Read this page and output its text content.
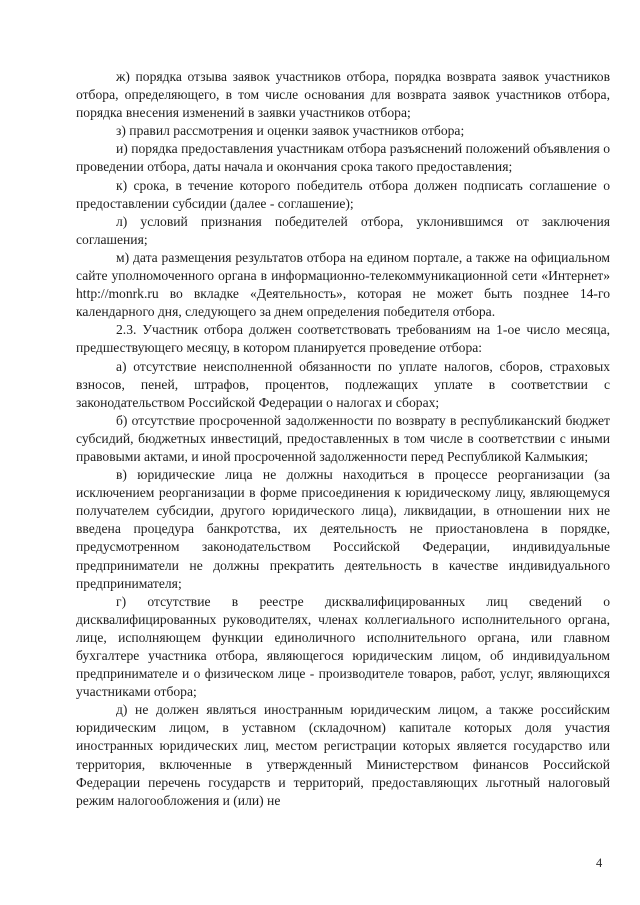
ж) порядка отзыва заявок участников отбора, порядка возврата заявок участников отбора, определяющего, в том числе основания для возврата заявок участников отбора, порядка внесения изменений в заявки участников отбора;

з) правил рассмотрения и оценки заявок участников отбора;

и) порядка предоставления участникам отбора разъяснений положений объявления о проведении отбора, даты начала и окончания срока такого предоставления;

к) срока, в течение которого победитель отбора должен подписать соглашение о предоставлении субсидии (далее - соглашение);

л) условий признания победителей отбора, уклонившимся от заключения соглашения;

м) дата размещения результатов отбора на едином портале, а также на официальном сайте уполномоченного органа в информационно-телекоммуникационной сети «Интернет» http://monrk.ru во вкладке «Деятельность», которая не может быть позднее 14-го календарного дня, следующего за днем определения победителя отбора.

2.3. Участник отбора должен соответствовать требованиям на 1-ое число месяца, предшествующего месяцу, в котором планируется проведение отбора:

а) отсутствие неисполненной обязанности по уплате налогов, сборов, страховых взносов, пеней, штрафов, процентов, подлежащих уплате в соответствии с законодательством Российской Федерации о налогах и сборах;

б) отсутствие просроченной задолженности по возврату в республиканский бюджет субсидий, бюджетных инвестиций, предоставленных в том числе в соответствии с иными правовыми актами, и иной просроченной задолженности перед Республикой Калмыкия;

в) юридические лица не должны находиться в процессе реорганизации (за исключением реорганизации в форме присоединения к юридическому лицу, являющемуся получателем субсидии, другого юридического лица), ликвидации, в отношении них не введена процедура банкротства, их деятельность не приостановлена в порядке, предусмотренном законодательством Российской Федерации, индивидуальные предприниматели не должны прекратить деятельность в качестве индивидуального предпринимателя;

г) отсутствие в реестре дисквалифицированных лиц сведений о дисквалифицированных руководителях, членах коллегиального исполнительного органа, лице, исполняющем функции единоличного исполнительного органа, или главном бухгалтере участника отбора, являющегося юридическим лицом, об индивидуальном предпринимателе и о физическом лице - производителе товаров, работ, услуг, являющихся участниками отбора;

д) не должен являться иностранным юридическим лицом, а также российским юридическим лицом, в уставном (складочном) капитале которых доля участия иностранных юридических лиц, местом регистрации которых является государство или территория, включенные в утвержденный Министерством финансов Российской Федерации перечень государств и территорий, предоставляющих льготный налоговый режим налогообложения и (или) не

4
